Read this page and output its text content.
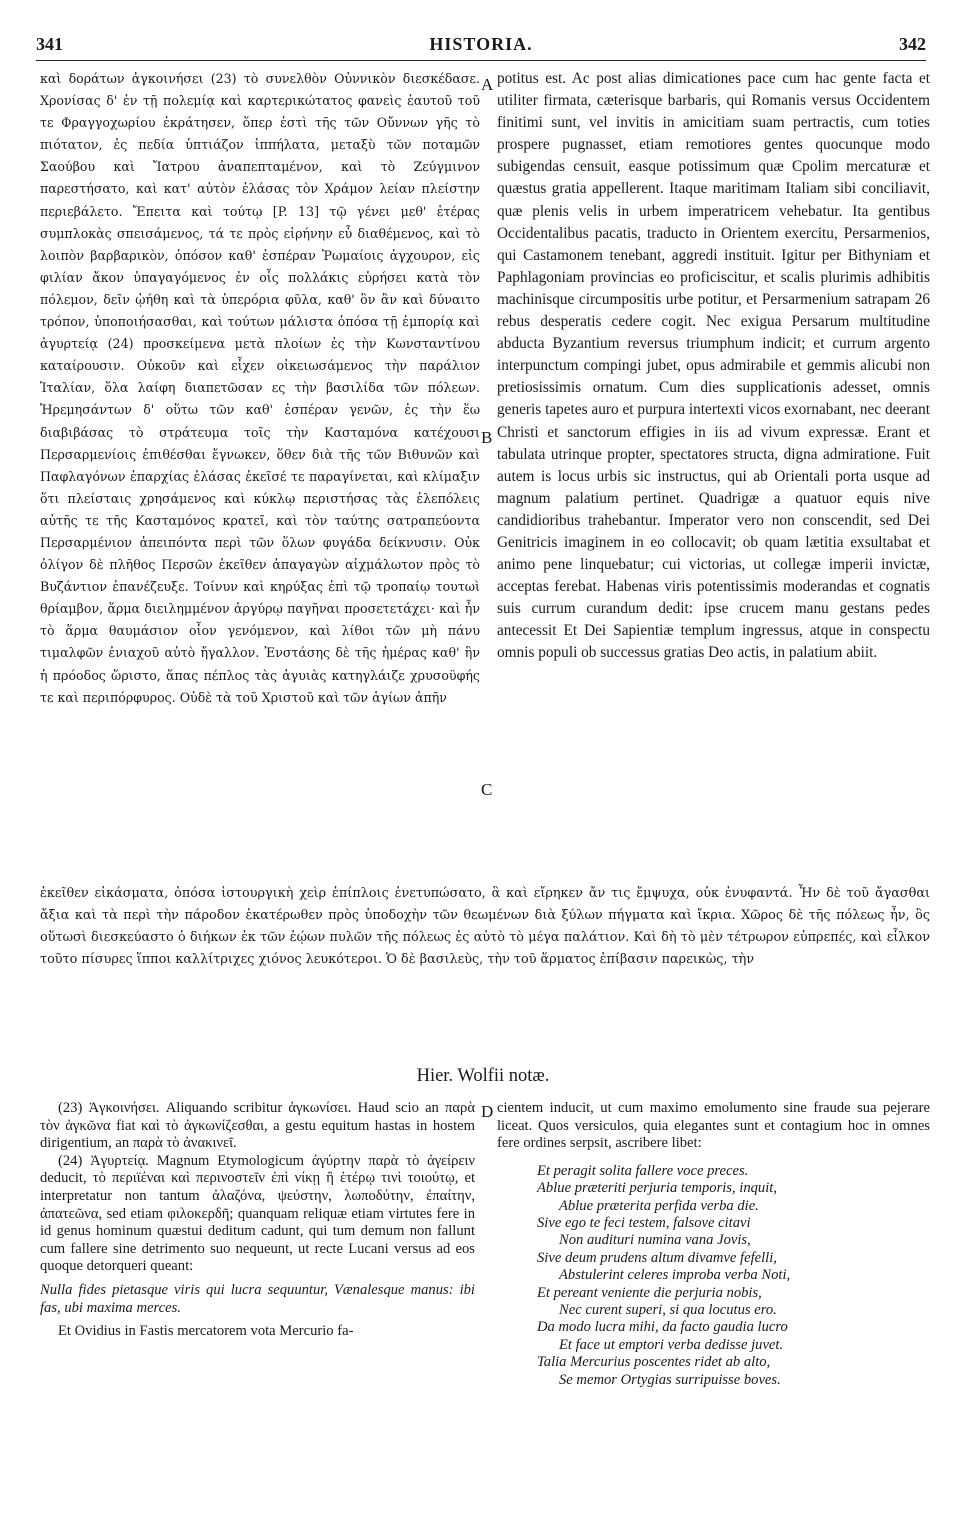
341	HISTORIA.	342
καὶ δοράτων ἀγκοινήσει (23) τὸ συνελθὸν Οὐννικὸν διεσκέδασε. Χρονίσας δ' ἐν τῇ πολεμίᾳ καὶ καρτερικώτατος φανεὶς ἑαυτοῦ τοῦ τε Φραγγοχωρίου ἐκράτησεν, ὅπερ ἐστὶ τῆς τῶν Οὔννων γῆς τὸ πιότατον, ἐς πεδία ὑπτιάζον ἱππήλατα, μεταξὺ τῶν ποταμῶν Σαούβου καὶ Ἴατρου ἀναπεπταμένον, καὶ τὸ Ζεύγμινον παρεστήσατο, καὶ κατ' αὐτὸν ἐλάσας τὸν Χράμον λείαν πλείστην περιεβάλετο. Ἔπειτα καὶ τούτῳ [P. 13] τῷ γένει μεθ' ἑτέρας συμπλοκὰς σπεισάμενος, τά τε πρὸς εἰρήνην εὖ διαθέμενος, καὶ τὸ λοιπὸν βαρβαρικὸν, ὁπόσον καθ' ἑσπέραν Ῥωμαίοις ἀγχουρον, εἰς φιλίαν ἄκον ὑπαγαγόμενος ἐν οἷς πολλάκις εὑρήσει κατὰ τὸν πόλεμον, δεῖν ᾠήθη καὶ τὰ ὑπερόρια φῦλα, καθ' ὃν ἂν καὶ δύναιτο τρόπον, ὑποποιήσασθαι, καὶ τούτων μάλιστα ὁπόσα τῇ ἐμπορίᾳ καὶ ἀγυρτείᾳ (24) προσκείμενα μετὰ πλοίων ἐς τὴν Κωνσταντίνου καταίρουσιν. Οὐκοῦν καὶ εἶχεν οἰκειωσάμενος τὴν παράλιον Ἰταλίαν, ὅλα λαίφη διαπετῶσαν ες τὴν βασιλίδα τῶν πόλεων. Ἠρεμησάντων δ' οὕτω τῶν καθ' ἑσπέραν γενῶν, ἐς τὴν ἕω διαβιβάσας τὸ στράτευμα τοῖς τὴν Κασταμόνα κατέχουσι Περσαρμενίοις ἐπιθέσθαι ἔγνωκεν, ὅθεν διὰ τῆς τῶν Βιθυνῶν καὶ Παφλαγόνων ἐπαρχίας ἐλάσας ἐκεῖσέ τε παραγίνεται, καὶ κλίμαξιν ὅτι πλείσταις χρησάμενος καὶ κύκλῳ περιστήσας τὰς ἑλεπόλεις αὐτῆς τε τῆς Κασταμόνος κρατεῖ, καὶ τὸν ταύτης σατραπεύοντα Περσαρμένιον ἀπειπόντα περὶ τῶν ὅλων φυγάδα δείκνυσιν. Οὐκ ὀλίγον δὲ πλῆθος Περσῶν ἐκεῖθεν ἀπαγαγὼν αἰχμάλωτον πρὸς τὸ Βυζάντιον ἐπανέζευξε. Τοίνυν καὶ κηρύξας ἐπὶ τῷ τροπαίῳ τουτωὶ θρίαμβον, ἅρμα διειλημμένον ἀργύρῳ παγῆναι προσετετάχει· καὶ ἦν τὸ ἅρμα θαυμάσιον οἷον γενόμενον, καὶ λίθοι τῶν μὴ πάνυ τιμαλφῶν ἐνιαχοῦ αὐτὸ ἤγαλλον. Ἐνστάσης δὲ τῆς ἡμέρας καθ' ἣν ἡ πρόοδος ὥριστο, ἅπας πέπλος τὰς ἀγυιὰς κατηγλάιζε χρυσοϋφής τε καὶ περιπόρφυρος. Οὐδὲ τὰ τοῦ Χριστοῦ καὶ τῶν ἁγίων ἀπῆν
A
B
C
D
potitus est. Ac post alias dimicationes pace cum hac gente facta et utiliter firmata, cæterisque barbaris, qui Romanis versus Occidentem finitimi sunt, vel invitis in amicitiam suam pertractis, cum toties prospere pugnasset, etiam remotiores gentes quocunque modo subigendas censuit, easque potissimum quæ Cpolim mercaturæ et quæstus gratia appellerent. Itaque maritimam Italiam sibi conciliavit, quæ plenis velis in urbem imperatricem vehebatur. Ita gentibus Occidentalibus pacatis, traducto in Orientem exercitu, Persarmenios, qui Castamonem tenebant, aggredi instituit. Igitur per Bithyniam et Paphlagoniam provincias eo proficiscitur, et scalis plurimis adhibitis machinisque circumpositis urbe potitur, et Persarmenium satrapam 26 rebus desperatis cedere cogit. Nec exigua Persarum multitudine abducta Byzantium reversus triumphum indicit; et currum argento interpunctum compingi jubet, opus admirabile et gemmis alicubi non pretiosissimis ornatum. Cum dies supplicationis adesset, omnis generis tapetes auro et purpura intertexti vicos exornabant, nec deerant Christi et sanctorum effigies in iis ad vivum expressæ. Erant et tabulata utrinque propter, spectatores structa, digna admiratione. Fuit autem is locus urbis sic instructus, qui ab Orientali porta usque ad magnum palatium pertinet. Quadrigæ a quatuor equis nive candidioribus trahebantur. Imperator vero non conscendit, sed Dei Genitricis imaginem in eo collocavit; ob quam lætitia exsultabat et animo pene linquebatur; cui victorias, ut collegæ imperii invictæ, acceptas ferebat. Habenas viris potentissimis moderandas et cognatis suis currum curandum dedit: ipse crucem manu gestans pedes antecessit Et Dei Sapientiæ templum ingressus, atque in conspectu omnis populi ob successus gratias Deo actis, in palatium abiit.
ἐκεῖθεν εἰκάσματα, ὁπόσα ἱστουργικὴ χεὶρ ἐπίπλοις ἐνετυπώσατο, ἃ καὶ εἴρηκεν ἄν τις ἔμψυχα, οὐκ ἐνυφαντά. Ἦν δὲ τοῦ ἄγασθαι ἄξια καὶ τὰ περὶ τὴν πάροδον ἑκατέρωθεν πρὸς ὑποδοχὴν τῶν θεωμένων διὰ ξύλων πήγματα καὶ ἴκρια. Χῶρος δὲ τῆς πόλεως ἦν, ὃς οὕτωσὶ διεσκεύαστο ὁ διήκων ἐκ τῶν ἑῴων πυλῶν τῆς πόλεως ἐς αὐτὸ τὸ μέγα παλάτιον. Καὶ δὴ τὸ μὲν τέτρωρον εὐπρεπές, καὶ εἷλκον τοῦτο πίσυρες ἵπποι καλλίτριχες χιόνος λευκότεροι. Ὁ δὲ βασιλεὺς, τὴν τοῦ ἅρματος ἐπίβασιν παρεικὼς, τὴν
Hier. Wolfii notæ.

(23) Ἀγκοινήσει. Aliquando scribitur ἀγκωνίσει. Haud scio an παρὰ τὸν ἀγκῶνα fiat καὶ τὸ ἀγκωνίζεσθαι, a gestu equitum hastas in hostem dirigentium, an παρὰ τὸ ἀνακινεῖ.

(24) Ἀγυρτείᾳ. Magnum Etymologicum ἀγύρτην παρὰ τὸ ἀγείρειν deducit, τὸ περιϊέναι καὶ περινοστεῖν ἐπὶ νίκῃ ἢ ἑτέρῳ τινὶ τοιούτῳ, et interpretatur non tantum ἀλαζόνα, ψεύστην, λωποδύτην, ἐπαίτην, ἀπατεῶνα, sed etiam φιλοκερδῆ; quanquam reliquæ etiam virtutes fere in id genus hominum quæstui deditum cadunt, qui tum demum non fallunt cum fallere sine detrimento suo nequeunt, ut recte Lucani versus ad eos quoque detorqueri queant:

Nulla fides pietasque viris qui lucra sequuntur, Vænalesque manus: ibi fas, ubi maxima merces.

Et Ovidius in Fastis mercatorem vota Mercurio fa-

cientem inducit, ut cum maximo emolumento sine fraude sua pejerare liceat. Quos versiculos, quia elegantes sunt et contagium hoc in omnes fere ordines serpsit, ascribere libet:

Et peragit solita fallere voce preces.
Ablue præteriti perjuria temporis, inquit,
Ablue præterita perfida verba die.
Sive ego te feci testem, falsove citavi
Non audituri numina vana Jovis,
Sive deum prudens altum divamve fefelli,
Abstulerint celeres improba verba Noti,
Et pereant veniente die perjuria nobis,
Nec curent superi, si qua locutus ero.
Da modo lucra mihi, da facto gaudia lucro
Et face ut emptori verba dedisse juvet.
Talia Mercurius poscentes ridet ab alto,
Se memor Ortygias surripuisse boves.
